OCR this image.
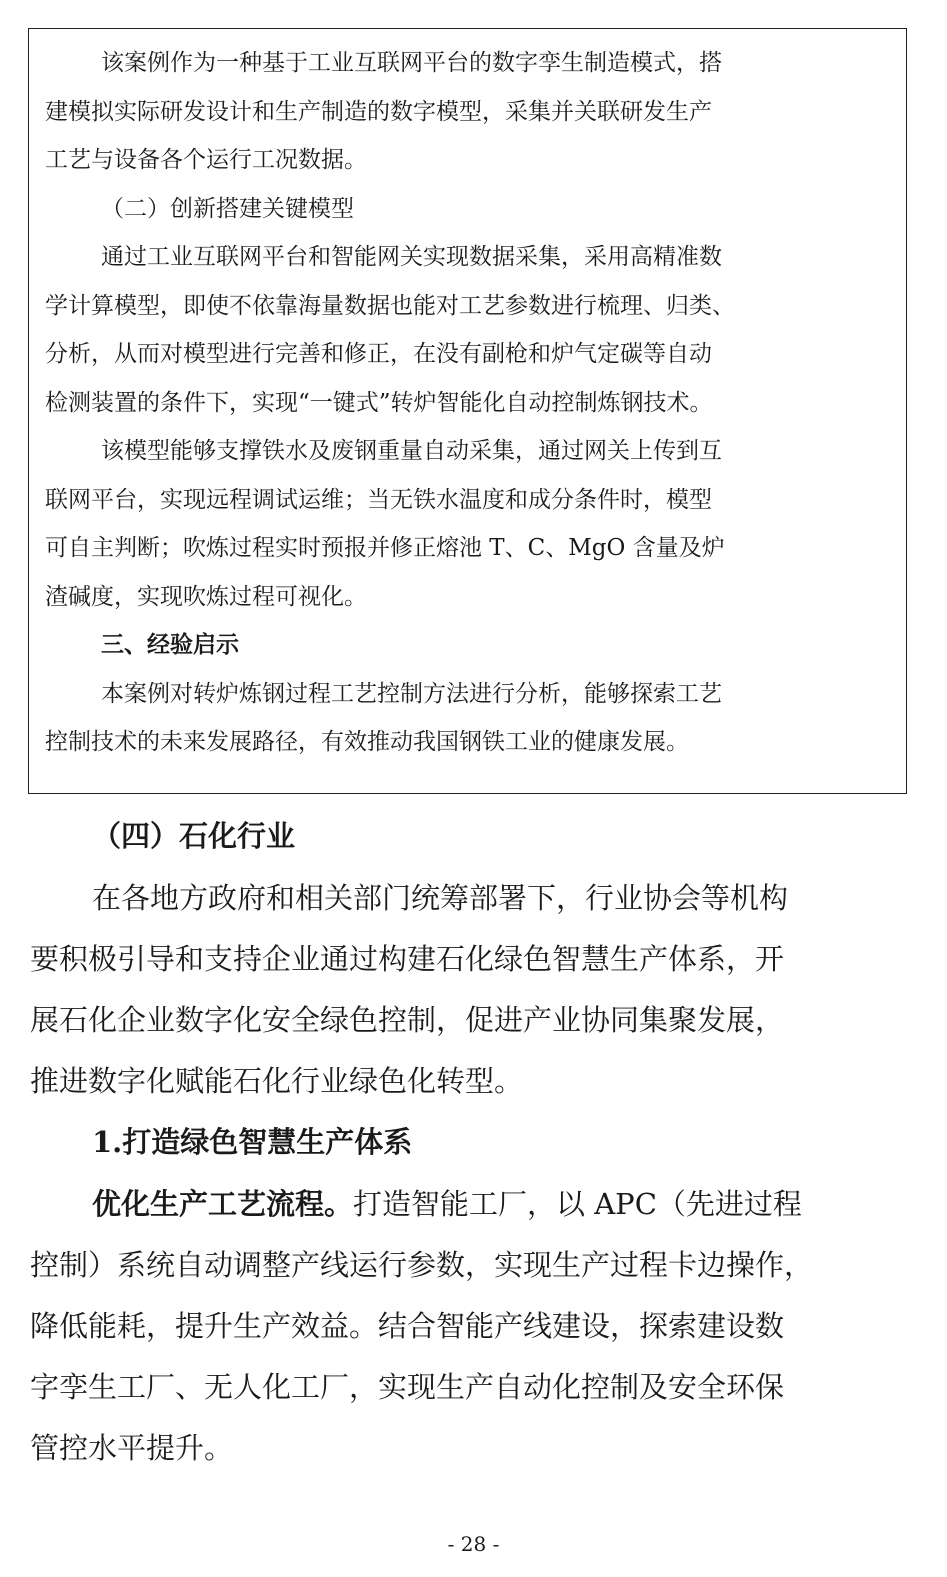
该案例作为一种基于工业互联网平台的数字孪生制造模式，搭
建模拟实际研发设计和生产制造的数字模型，采集并关联研发生产
工艺与设备各个运行工况数据。
（二）创新搭建关键模型
通过工业互联网平台和智能网关实现数据采集，采用高精准数
学计算模型，即使不依靠海量数据也能对工艺参数进行梳理、归类、
分析，从而对模型进行完善和修正，在没有副枪和炉气定碳等自动
检测装置的条件下，实现“一键式”转炉智能化自动控制炼钢技术。
该模型能够支撑铁水及废钢重量自动采集，通过网关上传到互
联网平台，实现远程调试运维；当无铁水温度和成分条件时，模型
可自主判断；吹炼过程实时预报并修正熔池 T、C、MgO 含量及炉
渣碱度，实现吹炼过程可视化。
三、经验启示
本案例对转炉炼钢过程工艺控制方法进行分析，能够探索工艺
控制技术的未来发展路径，有效推动我国钢铁工业的健康发展。
（四）石化行业
在各地方政府和相关部门统筹部署下，行业协会等机构
要积极引导和支持企业通过构建石化绿色智慧生产体系，开
展石化企业数字化安全绿色控制，促进产业协同集聚发展，
推进数字化赋能石化行业绿色化转型。
1.打造绿色智慧生产体系
优化生产工艺流程。打造智能工厂，以 APC（先进过程
控制）系统自动调整产线运行参数，实现生产过程卡边操作，
降低能耗，提升生产效益。结合智能产线建设，探索建设数
字孪生工厂、无人化工厂，实现生产自动化控制及安全环保
管控水平提升。
- 28 -
